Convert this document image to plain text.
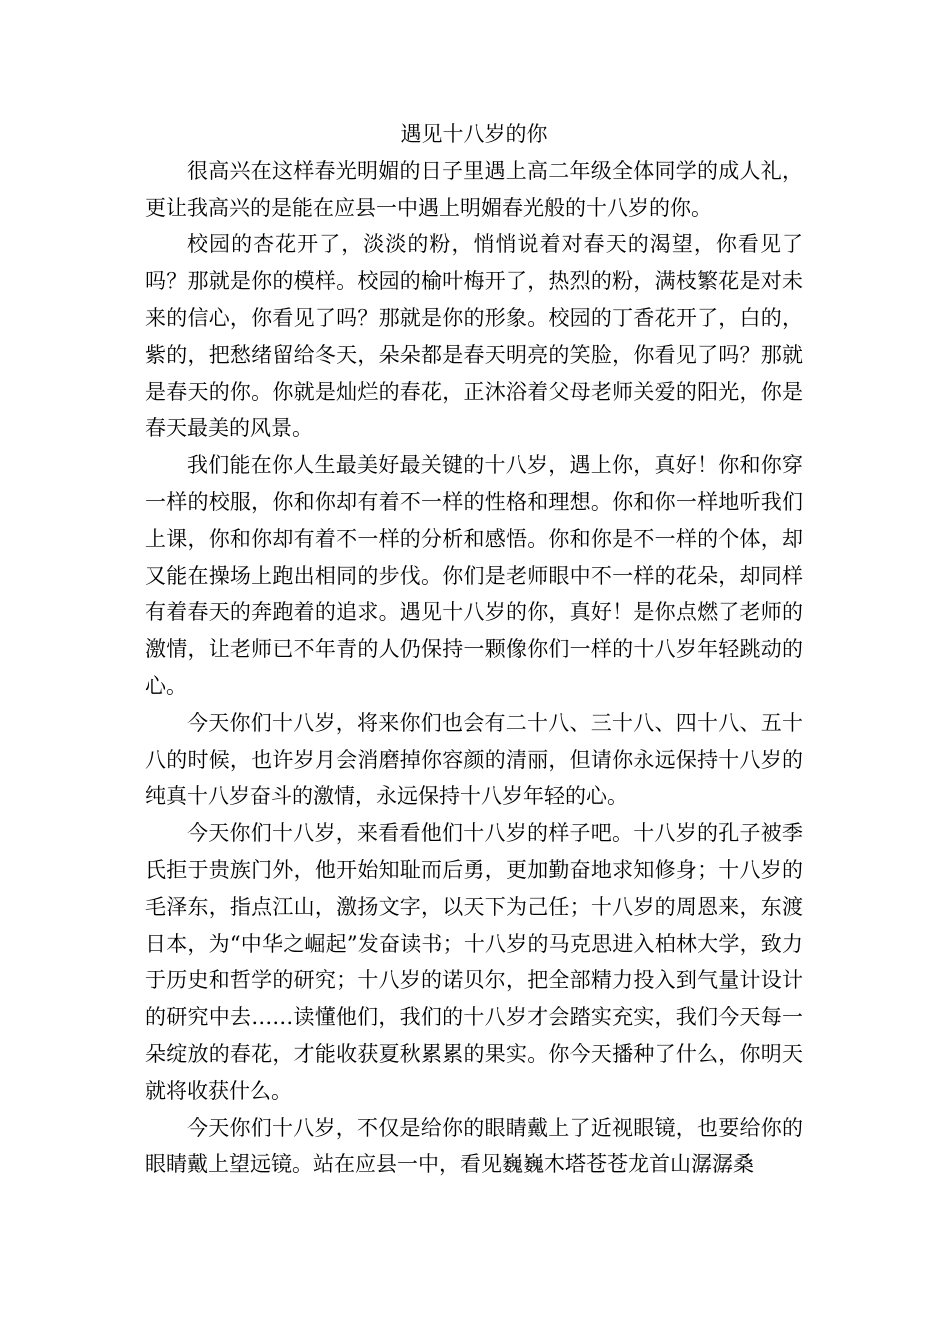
遇见十八岁的你

很高兴在这样春光明媚的日子里遇上高二年级全体同学的成人礼，更让我高兴的是能在应县一中遇上明媚春光般的十八岁的你。

校园的杏花开了，淡淡的粉，悄悄说着对春天的渴望，你看见了吗？那就是你的模样。校园的榆叶梅开了，热烈的粉，满枝繁花是对未来的信心，你看见了吗？那就是你的形象。校园的丁香花开了，白的，紫的，把愁绪留给冬天，朵朵都是春天明亮的笑脸，你看见了吗？那就是春天的你。你就是灿烂的春花，正沐浴着父母老师关爱的阳光，你是春天最美的风景。

我们能在你人生最美好最关键的十八岁，遇上你，真好！你和你穿一样的校服，你和你却有着不一样的性格和理想。你和你一样地听我们上课，你和你却有着不一样的分析和感悟。你和你是不一样的个体，却又能在操场上跑出相同的步伐。你们是老师眼中不一样的花朵，却同样有着春天的奔跑着的追求。遇见十八岁的你，真好！是你点燃了老师的激情，让老师已不年青的人仍保持一颗像你们一样的十八岁年轻跳动的心。

今天你们十八岁，将来你们也会有二十八、三十八、四十八、五十八的时候，也许岁月会消磨掉你容颜的清丽，但请你永远保持十八岁的纯真十八岁奋斗的激情，永远保持十八岁年轻的心。

今天你们十八岁，来看看他们十八岁的样子吧。十八岁的孔子被季氏拒于贵族门外，他开始知耻而后勇，更加勤奋地求知修身；十八岁的毛泽东，指点江山，激扬文字，以天下为己任；十八岁的周恩来，东渡日本，为“中华之崛起”发奋读书；十八岁的马克思进入柏林大学，致力于历史和哲学的研究；十八岁的诺贝尔，把全部精力投入到气量计设计的研究中去……读懂他们，我们的十八岁才会踏实充实，我们今天每一朵绽放的春花，才能收获夏秋累累的果实。你今天播种了什么，你明天就将收获什么。

今天你们十八岁，不仅是给你的眼睛戴上了近视眼镜，也要给你的眼睛戴上望远镜。站在应县一中，看见巍巍木塔苍苍龙首山潺潺桑
